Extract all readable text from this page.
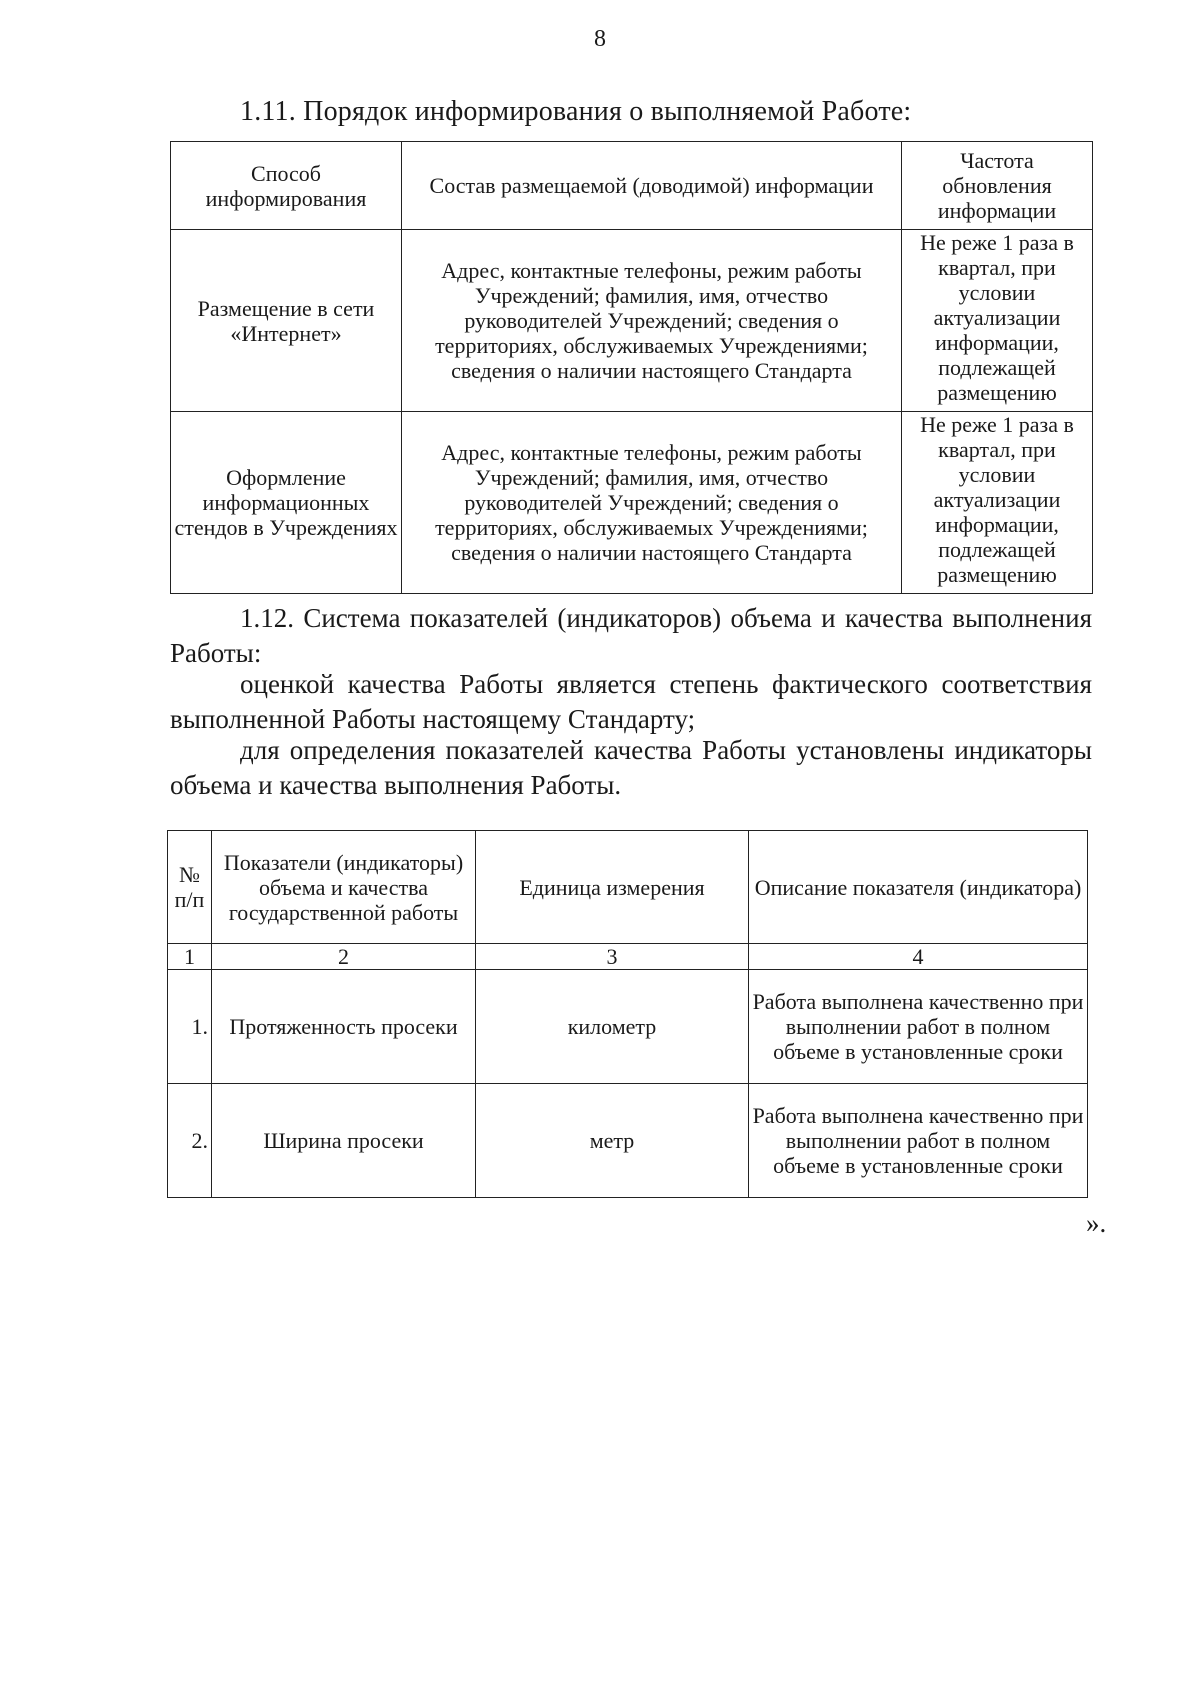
8
1.11. Порядок информирования о выполняемой Работе:
Способ информирования	Состав размещаемой (доводимой) информации	Частота обновления информации
Размещение в сети «Интернет»	Адрес, контактные телефоны, режим работы Учреждений; фамилия, имя, отчество руководителей Учреждений; сведения о территориях, обслуживаемых Учреждениями; сведения о наличии настоящего Стандарта	Не реже 1 раза в квартал, при условии актуализации информации, подлежащей размещению
Оформление информационных стендов в Учреждениях	Адрес, контактные телефоны, режим работы Учреждений; фамилия, имя, отчество руководителей Учреждений; сведения о территориях, обслуживаемых Учреждениями; сведения о наличии настоящего Стандарта	Не реже 1 раза в квартал, при условии актуализации информации, подлежащей размещению
1.12. Система показателей (индикаторов) объема и качества выполнения Работы:
оценкой качества Работы является степень фактического соответствия выполненной Работы настоящему Стандарту;
для определения показателей качества Работы установлены индикаторы объема и качества выполнения Работы.
№ п/п	Показатели (индикаторы) объема и качества государственной работы	Единица измерения	Описание показателя (индикатора)
1	2	3	4
1.	Протяженность просеки	километр	Работа выполнена качественно при выполнении работ в полном объеме в установленные сроки
2.	Ширина просеки	метр	Работа выполнена качественно при выполнении работ в полном объеме в установленные сроки
».
